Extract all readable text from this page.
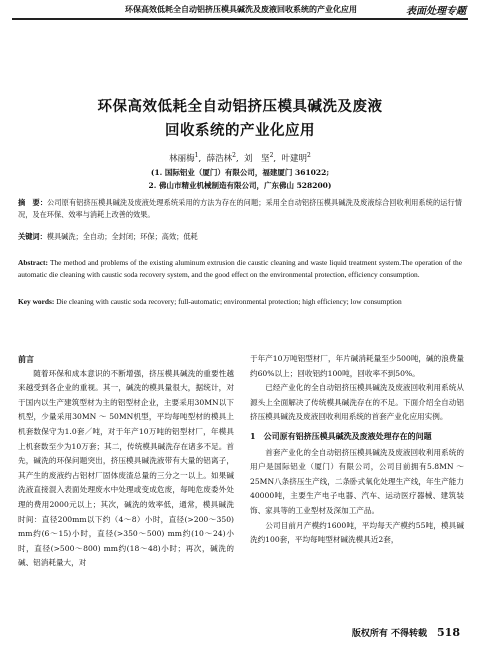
环保高效低耗全自动铝挤压模具碱洗及废液回收系统的产业化应用	表面处理专题
环保高效低耗全自动铝挤压模具碱洗及废液
回收系统的产业化应用
林丽梅$^1$,  薛浩林$^2$,  刘　坚$^2$,  叶建明$^2$
(1. 国际铝业（厦门）有限公司，福建厦门 361022;
2. 佛山市精业机械制造有限公司，广东佛山 528200)
摘　要：公司原有铝挤压模具碱洗及废液处理系统采用的方法为存在的问题；采用全自动铝挤压模具碱洗及废液综合回收利用系统的运行情况，及在环保、效率与消耗上改善的效果。
关键词：模具碱洗；全自动；全封闭；环保；高效；低耗
Abstract: The method and problems of the existing aluminum extrusion die caustic cleaning and waste liquid treatment system.The operation of the automatic die cleaning with caustic soda recovery system, and the good effect on the environmental protection, efficiency consumption.
Key words: Die cleaning with caustic soda recovery; full-automatic; environmental protection; high efficiency; low consumption
前言

随着环保和成本意识的不断增强，挤压模具碱洗的重要性越来越受到各企业的重视。其一，碱洗的模具量很大，据统计，对于国内以生产建筑型材为主的铝型材企业，主要采用30MN以下机型，少量采用30MN ～ 50MN机型，平均每吨型材的模具上机套数保守为1.0套／吨，对于年产10万吨的铝型材厂，年模具上机套数至少为10万套；其二，传统模具碱洗存在诸多不足。首先，碱洗的环保问题突出，挤压模具碱洗液带有大量的铝离子，其产生的废液约占铝材厂固体废渣总量的三分之一以上。如果碱洗液直接混入表面处理废水中处理或变成危废，每吨危废委外处理的费用2000元以上；其次，碱洗的效率低，通常，模具碱洗时间：直径200mm以下约（4～8）小时，直径(>200～350) mm约(6～15)小时，直径(>350～500) mm约(10～24)小时，直径(>500～800) mm约(18～48)小时；再次，碱洗的碱、铝消耗量大，对

于年产10万吨铝型材厂，年片碱消耗量至少500吨，碱的浪费量约60%以上；回收铝约100吨，回收率不到50%。

已经产业化的全自动铝挤压模具碱洗及废液回收利用系统从源头上全面解决了传统模具碱洗存在的不足。下面介绍全自动铝挤压模具碱洗及废液回收利用系统的首套产业化应用实例。

1　公司原有铝挤压模具碱洗及废液处理存在的问题

首套产业化的全自动铝挤压模具碱洗及废液回收利用系统的用户是国际铝业（厦门）有限公司，公司目前拥有5.8MN ～ 25MN八条挤压生产线，二条卧式氧化处理生产线，年生产能力40000吨，主要生产电子电器、汽车、运动医疗器械、建筑装饰、家具等的工业型材及深加工产品。

公司目前月产模约1600吨，平均每天产模约55吨，模具碱洗约100套，平均每吨型材碱洗模具近2套，

版权所有 不得转载 518
